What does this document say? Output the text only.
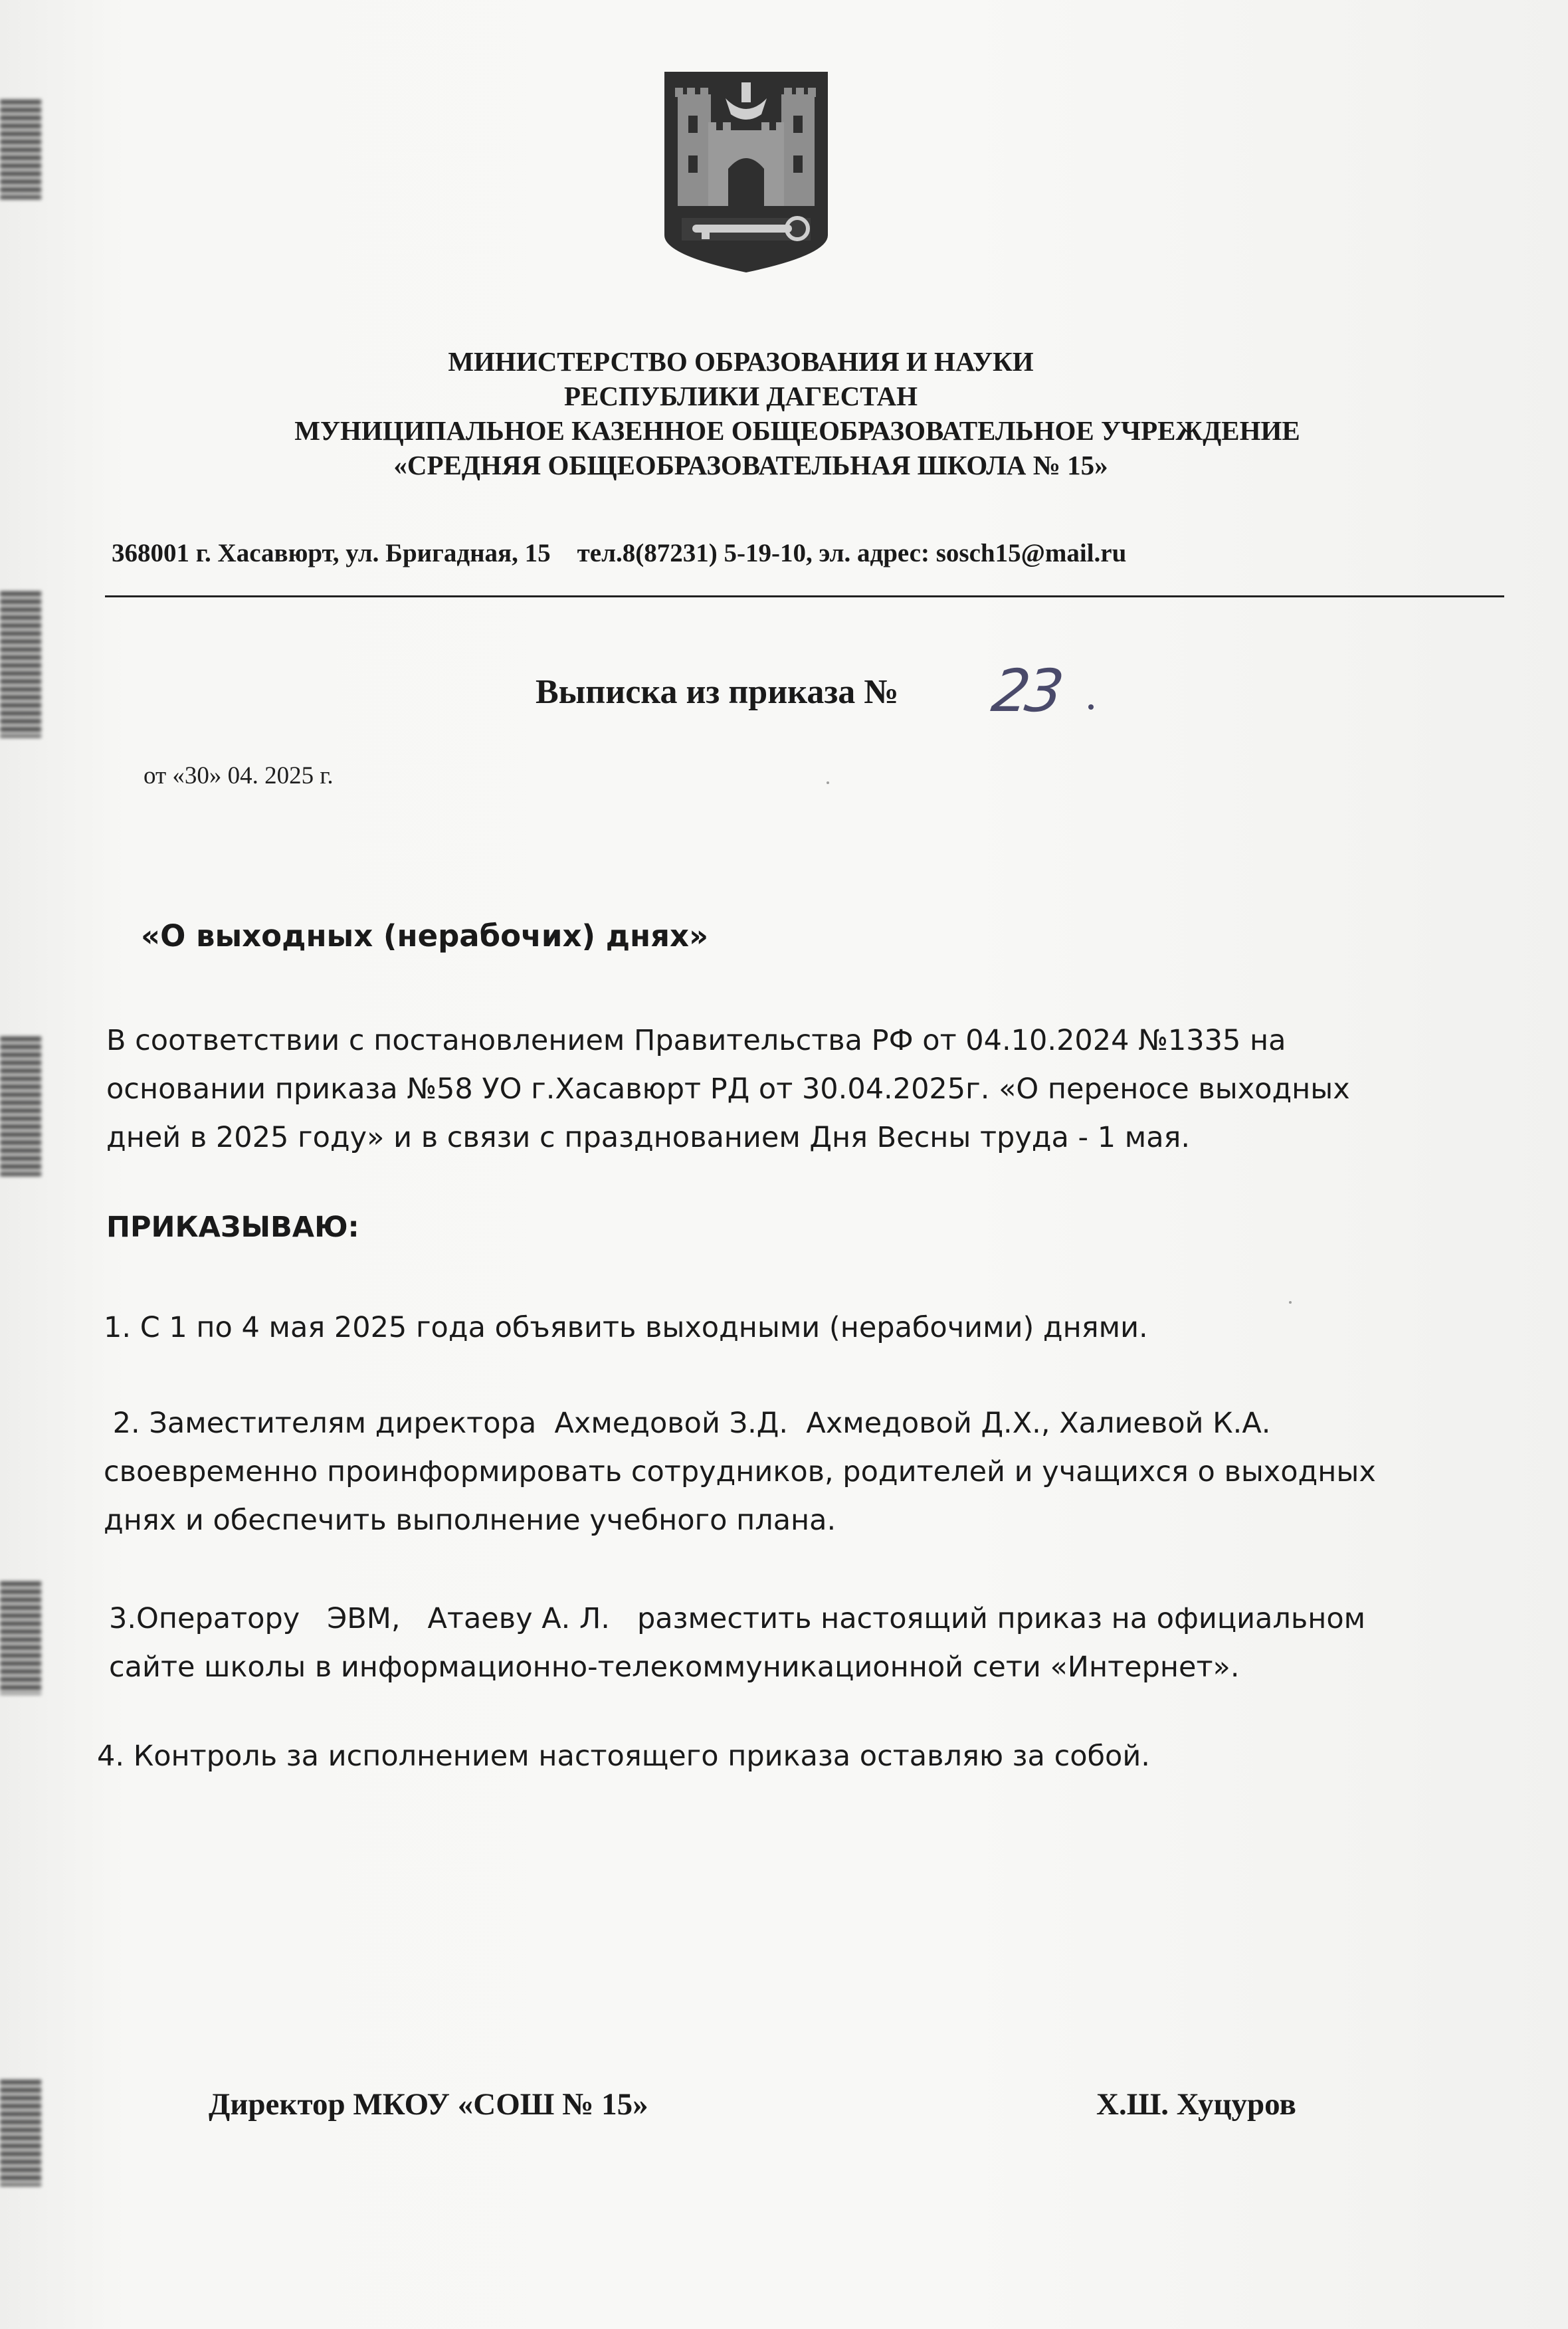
МИНИСТЕРСТВО ОБРАЗОВАНИЯ И НАУКИ
РЕСПУБЛИКИ ДАГЕСТАН
МУНИЦИПАЛЬНОЕ КАЗЕННОЕ ОБЩЕОБРАЗОВАТЕЛЬНОЕ УЧРЕЖДЕНИЕ
«СРЕДНЯЯ ОБЩЕОБРАЗОВАТЕЛЬНАЯ ШКОЛА № 15»
368001 г. Хасавюрт, ул. Бригадная, 15 тел.8(87231) 5-19-10, эл. адрес: sosch15@mail.ru
Выписка из приказа № 23
от «30» 04. 2025 г.
«О выходных (нерабочих) днях»
В соответствии с постановлением Правительства РФ от 04.10.2024 №1335 на
основании приказа №58 УО г.Хасавюрт РД от 30.04.2025г. «О переносе выходных
дней в 2025 году» и в связи с празднованием Дня Весны труда - 1 мая.
ПРИКАЗЫВАЮ:
1. С 1 по 4 мая 2025 года объявить выходными (нерабочими) днями.
2. Заместителям директора  Ахмедовой З.Д.  Ахмедовой Д.Х., Халиевой К.А.
своевременно проинформировать сотрудников, родителей и учащихся о выходных
днях и обеспечить выполнение учебного плана.
3.Оператору   ЭВМ,   Атаеву А. Л.   разместить настоящий приказ на официальном
сайте школы в информационно-телекоммуникационной сети «Интернет».
4. Контроль за исполнением настоящего приказа оставляю за собой.
Директор МКОУ «СОШ № 15»	Х.Ш. Хуцуров
